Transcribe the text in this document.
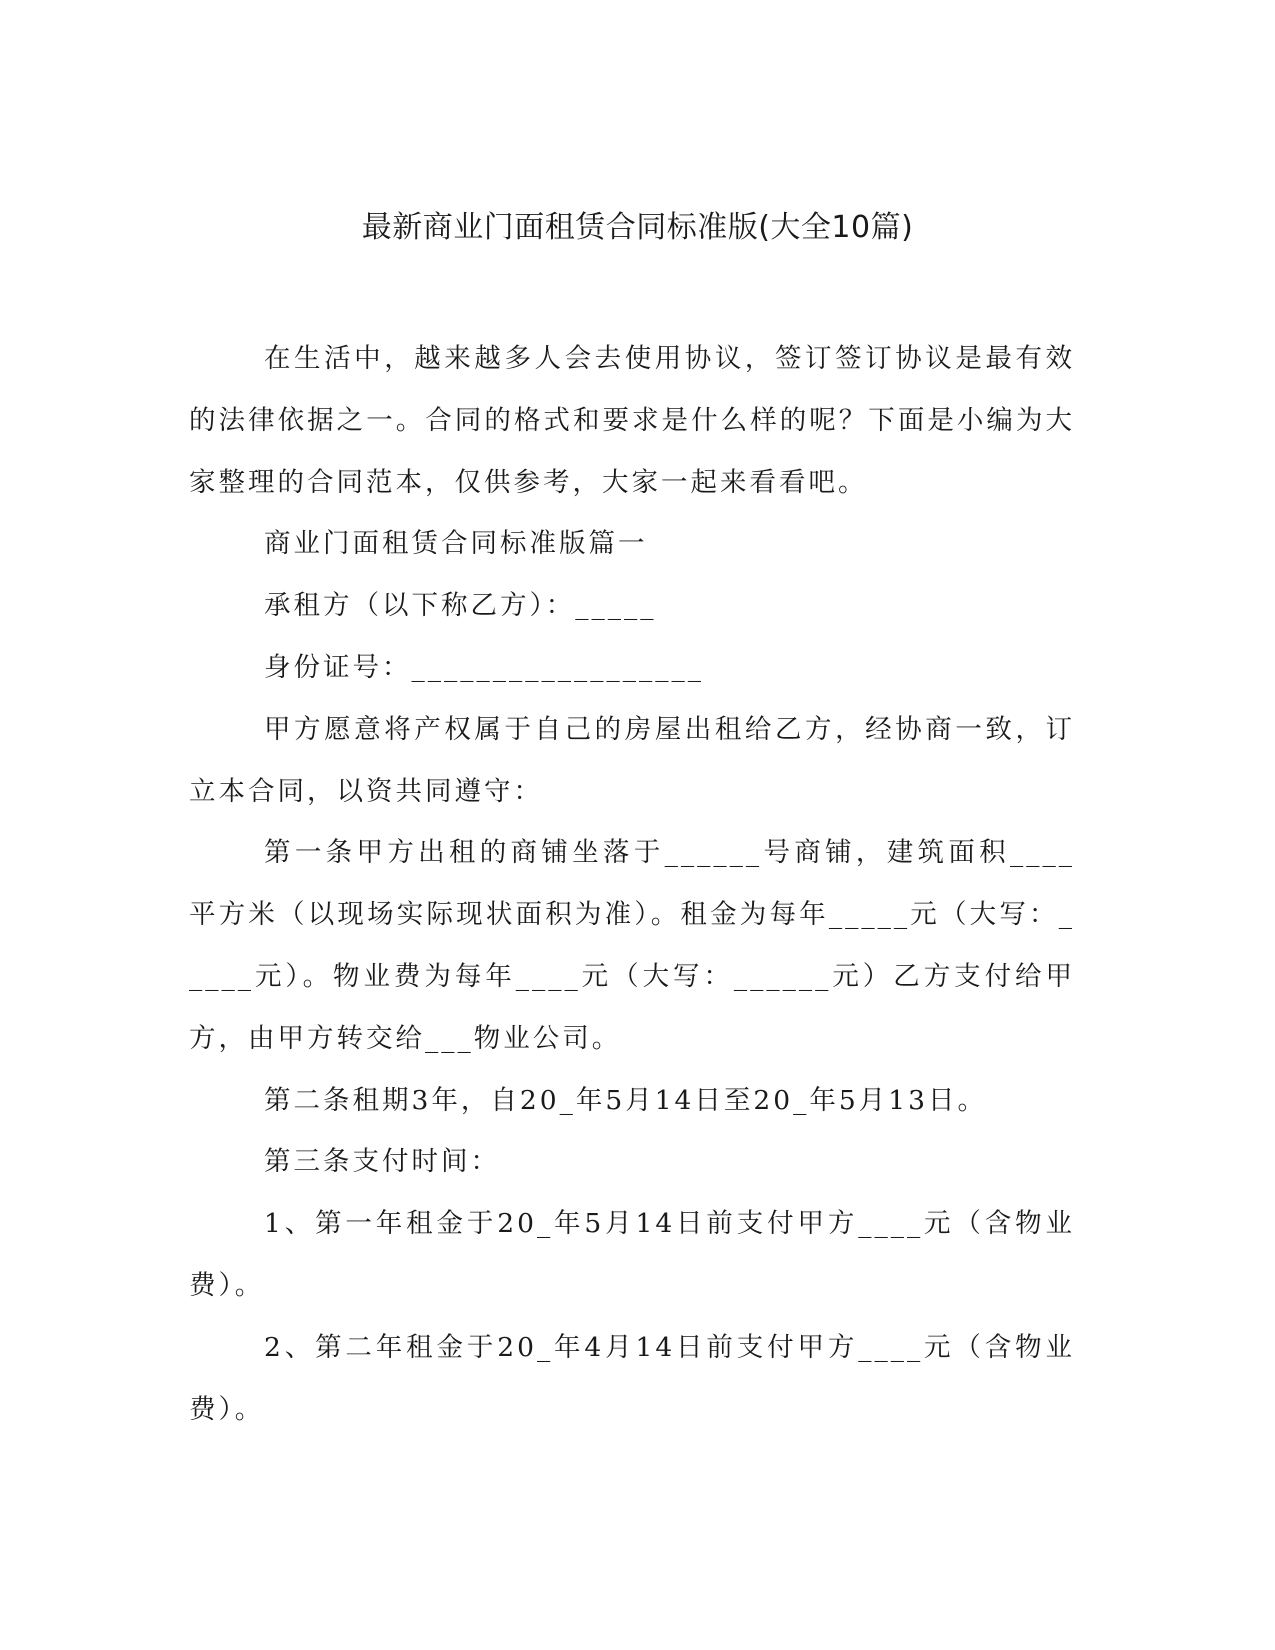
最新商业门面租赁合同标准版(大全10篇)

在生活中，越来越多人会去使用协议，签订签订协议是最有效的法律依据之一。合同的格式和要求是什么样的呢？下面是小编为大家整理的合同范本，仅供参考，大家一起来看看吧。

商业门面租赁合同标准版篇一

承租方（以下称乙方）：_____

身份证号：__________________

甲方愿意将产权属于自己的房屋出租给乙方，经协商一致，订立本合同，以资共同遵守：

第一条甲方出租的商铺坐落于______号商铺，建筑面积____平方米（以现场实际现状面积为准）。租金为每年_____元（大写：_____元）。物业费为每年____元（大写：______元）乙方支付给甲方，由甲方转交给___物业公司。

第二条租期3年，自20_年5月14日至20_年5月13日。

第三条支付时间：

1、第一年租金于20_年5月14日前支付甲方____元（含物业费）。

2、第二年租金于20_年4月14日前支付甲方____元（含物业费）。
